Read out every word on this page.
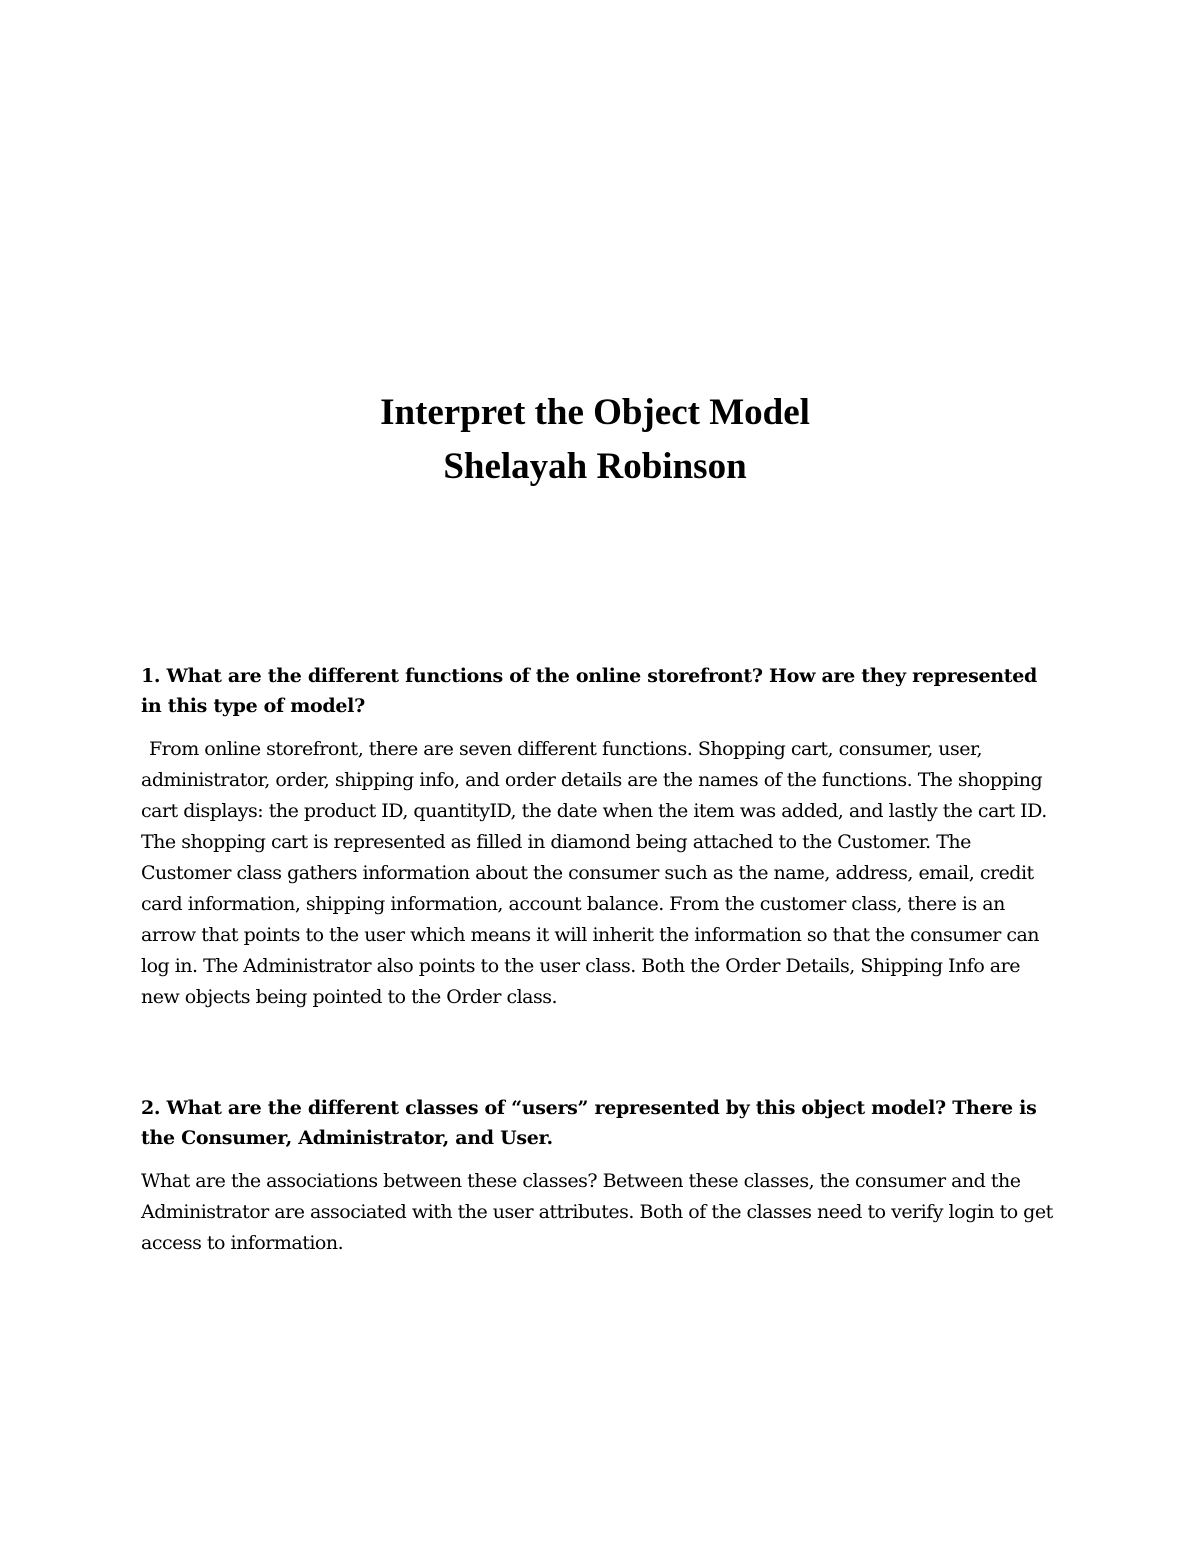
Interpret the Object Model
Shelayah Robinson

1. What are the different functions of the online storefront? How are they represented in this type of model?

From online storefront, there are seven different functions. Shopping cart, consumer, user, administrator, order, shipping info, and order details are the names of the functions. The shopping cart displays: the product ID, quantityID, the date when the item was added, and lastly the cart ID. The shopping cart is represented as filled in diamond being attached to the Customer. The Customer class gathers information about the consumer such as the name, address, email, credit card information, shipping information, account balance. From the customer class, there is an arrow that points to the user which means it will inherit the information so that the consumer can log in. The Administrator also points to the user class. Both the Order Details, Shipping Info are new objects being pointed to the Order class.

2. What are the different classes of “users” represented by this object model? There is the Consumer, Administrator, and User.

What are the associations between these classes? Between these classes, the consumer and the Administrator are associated with the user attributes. Both of the classes need to verify login to get access to information.
